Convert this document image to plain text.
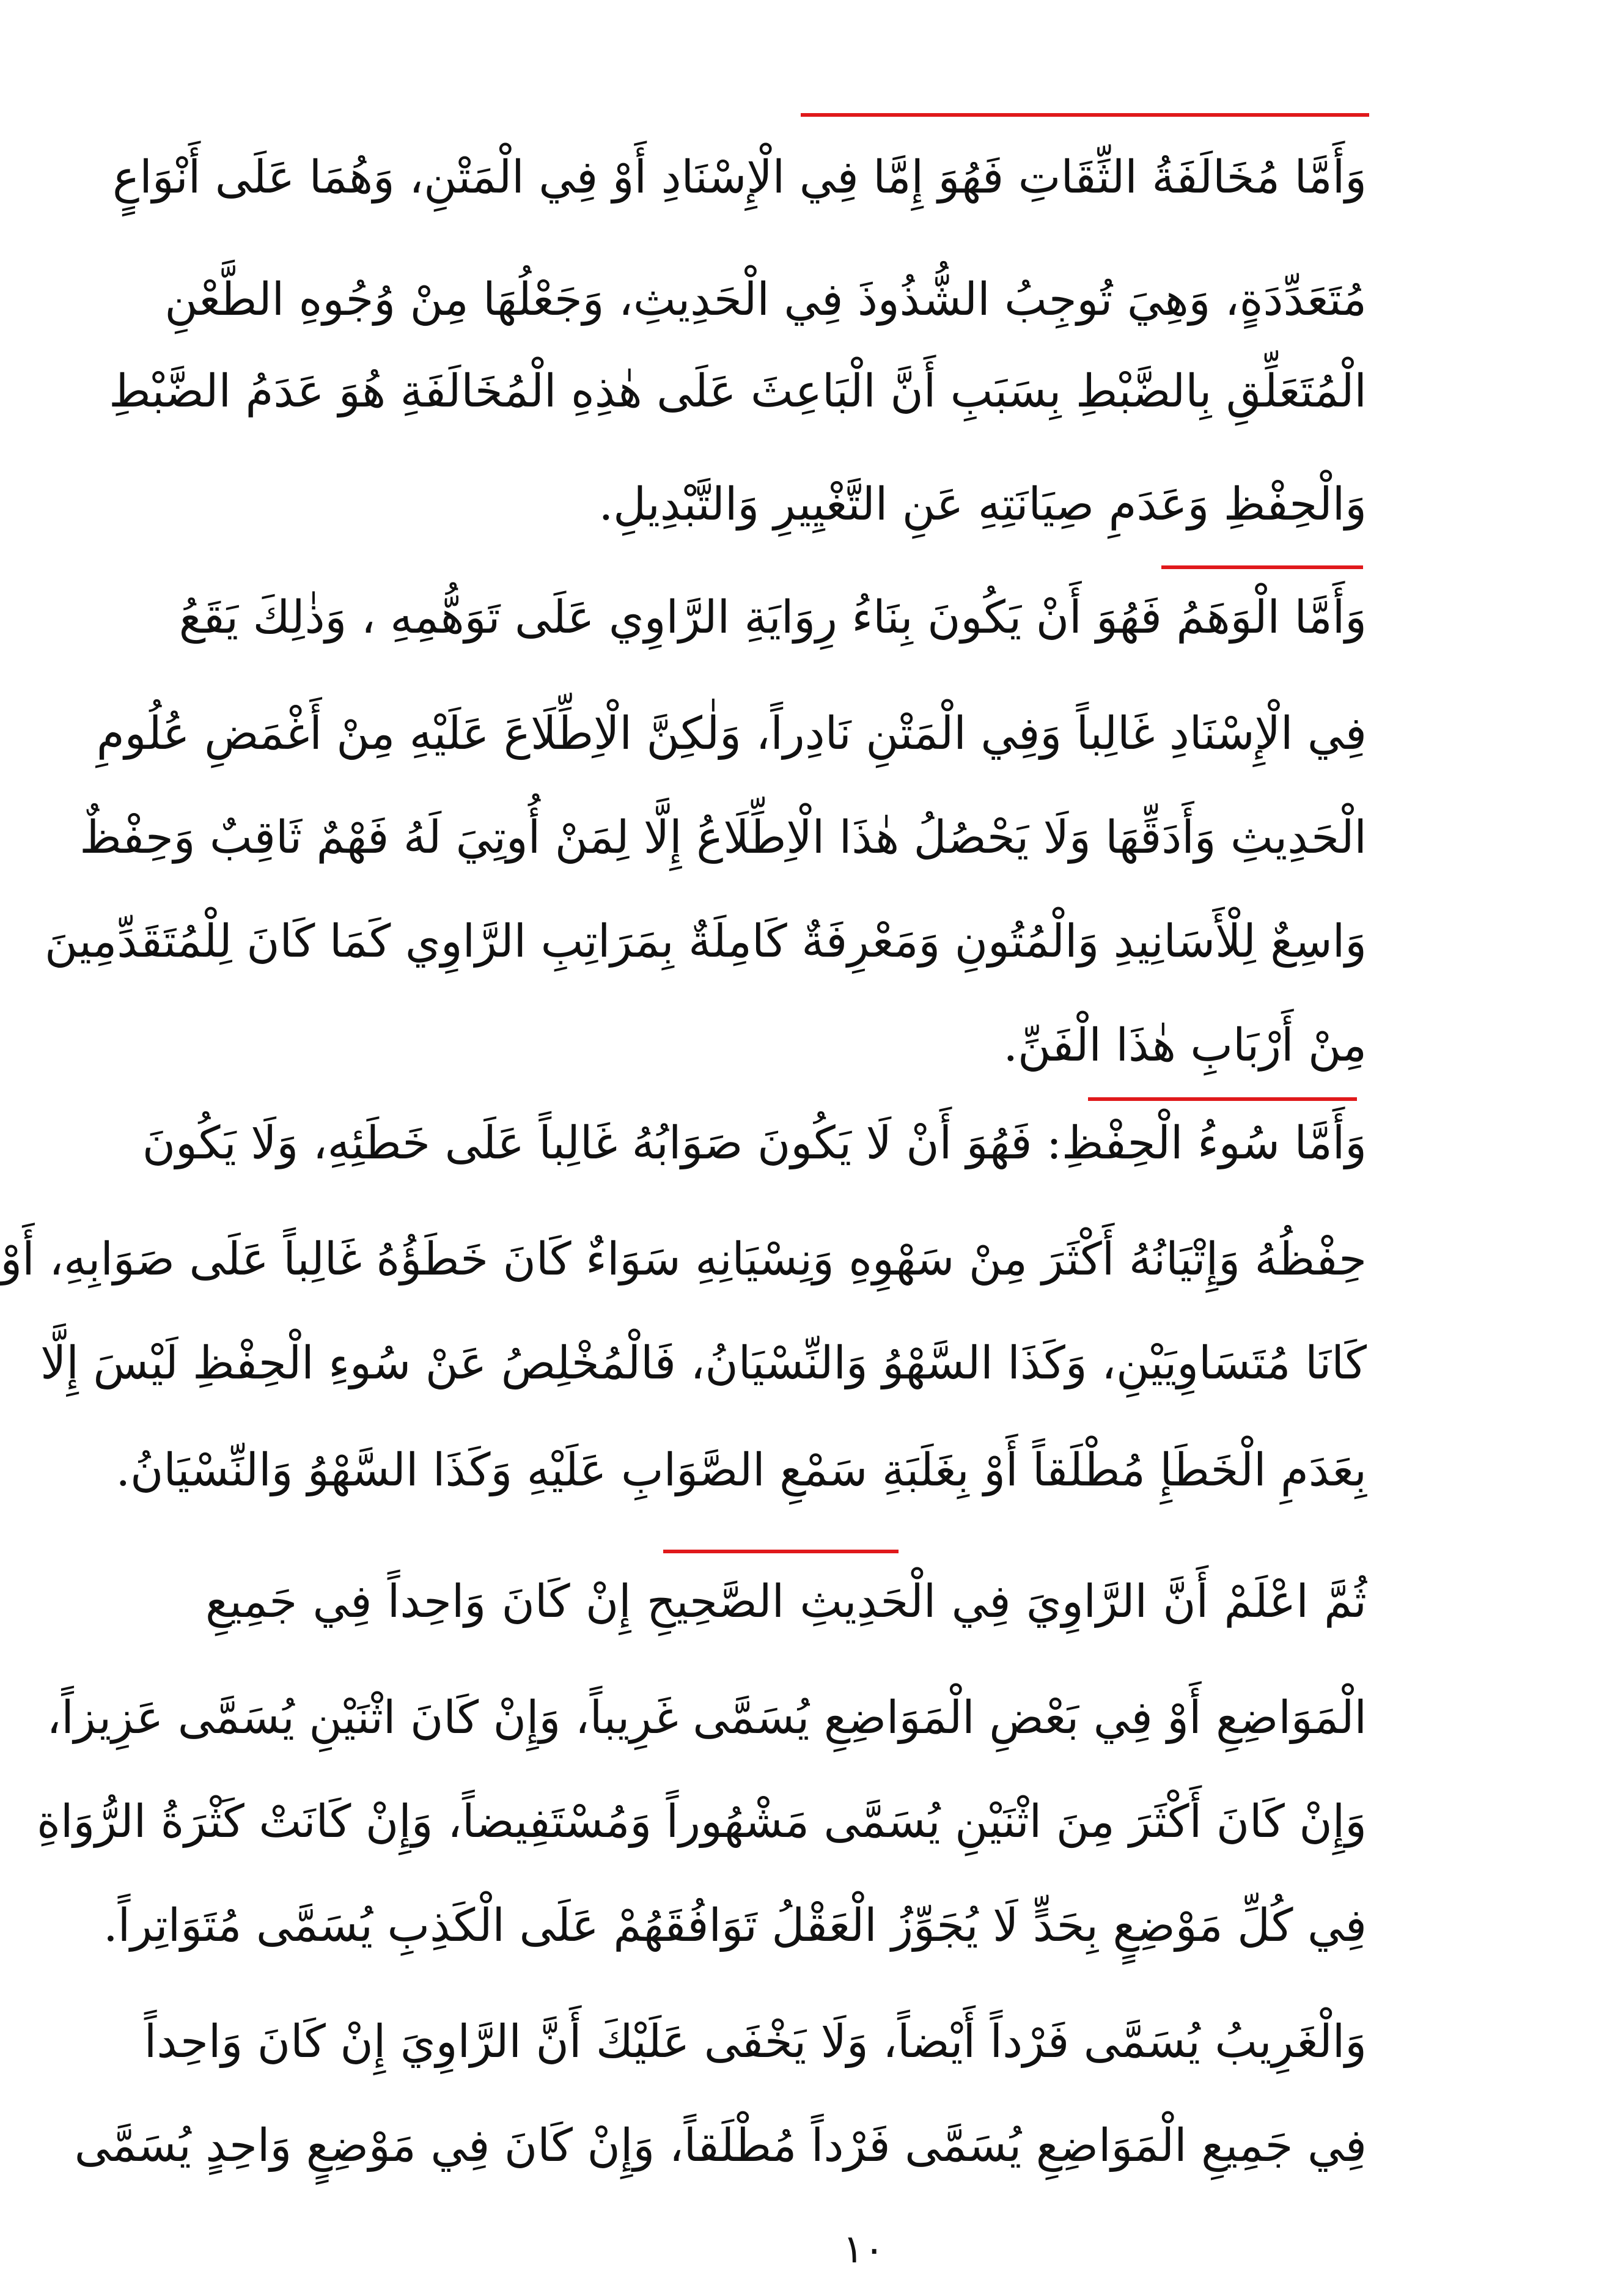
وَأَمَّا مُخَالَفَةُ الثِّقَاتِ فَهُوَ إِمَّا فِي الْإِسْنَادِ أَوْ فِي الْمَتْنِ، وَهُمَا عَلَى أَنْوَاعٍ
مُتَعَدِّدَةٍ، وَهِيَ تُوجِبُ الشُّذُوذَ فِي الْحَدِيثِ، وَجَعْلُهَا مِنْ وُجُوهِ الطَّعْنِ
الْمُتَعَلِّقِ بِالضَّبْطِ بِسَبَبِ أَنَّ الْبَاعِثَ عَلَى هٰذِهِ الْمُخَالَفَةِ هُوَ عَدَمُ الضَّبْطِ
وَالْحِفْظِ وَعَدَمِ صِيَانَتِهِ عَنِ التَّغْيِيرِ وَالتَّبْدِيلِ.
وَأَمَّا الْوَهَمُ فَهُوَ أَنْ يَكُونَ بِنَاءُ رِوَايَةِ الرَّاوِي عَلَى تَوَهُّمِهِ ، وَذٰلِكَ يَقَعُ
فِي الْإِسْنَادِ غَالِباً وَفِي الْمَتْنِ نَادِراً، وَلٰكِنَّ الْاِطِّلَاعَ عَلَيْهِ مِنْ أَغْمَضِ عُلُومِ
الْحَدِيثِ وَأَدَقِّهَا وَلَا يَحْصُلُ هٰذَا الْاِطِّلَاعُ إِلَّا لِمَنْ أُوتِيَ لَهُ فَهْمٌ ثَاقِبٌ وَحِفْظٌ
وَاسِعٌ لِلْأَسَانِيدِ وَالْمُتُونِ وَمَعْرِفَةٌ كَامِلَةٌ بِمَرَاتِبِ الرَّاوِي كَمَا كَانَ لِلْمُتَقَدِّمِينَ
مِنْ أَرْبَابِ هٰذَا الْفَنِّ.
وَأَمَّا سُوءُ الْحِفْظِ: فَهُوَ أَنْ لَا يَكُونَ صَوَابُهُ غَالِباً عَلَى خَطَئِهِ، وَلَا يَكُونَ
حِفْظُهُ وَإِتْيَانُهُ أَكْثَرَ مِنْ سَهْوِهِ وَنِسْيَانِهِ سَوَاءٌ كَانَ خَطَؤُهُ غَالِباً عَلَى صَوَابِهِ، أَوْ
كَانَا مُتَسَاوِيَيْنِ، وَكَذَا السَّهْوُ وَالنِّسْيَانُ، فَالْمُخْلِصُ عَنْ سُوءِ الْحِفْظِ لَيْسَ إِلَّا
بِعَدَمِ الْخَطَإِ مُطْلَقاً أَوْ بِغَلَبَةِ سَمْعِ الصَّوَابِ عَلَيْهِ وَكَذَا السَّهْوُ وَالنِّسْيَانُ.
ثُمَّ اعْلَمْ أَنَّ الرَّاوِيَ فِي الْحَدِيثِ الصَّحِيحِ إِنْ كَانَ وَاحِداً فِي جَمِيعِ
الْمَوَاضِعِ أَوْ فِي بَعْضِ الْمَوَاضِعِ يُسَمَّى غَرِيباً، وَإِنْ كَانَ اثْنَيْنِ يُسَمَّى عَزِيزاً،
وَإِنْ كَانَ أَكْثَرَ مِنَ اثْنَيْنِ يُسَمَّى مَشْهُوراً وَمُسْتَفِيضاً، وَإِنْ كَانَتْ كَثْرَةُ الرُّوَاةِ
فِي كُلِّ مَوْضِعٍ بِحَدٍّ لَا يُجَوِّزُ الْعَقْلُ تَوَافُقَهُمْ عَلَى الْكَذِبِ يُسَمَّى مُتَوَاتِراً.
وَالْغَرِيبُ يُسَمَّى فَرْداً أَيْضاً، وَلَا يَخْفَى عَلَيْكَ أَنَّ الرَّاوِيَ إِنْ كَانَ وَاحِداً
فِي جَمِيعِ الْمَوَاضِعِ يُسَمَّى فَرْداً مُطْلَقاً، وَإِنْ كَانَ فِي مَوْضِعٍ وَاحِدٍ يُسَمَّى
١٠
